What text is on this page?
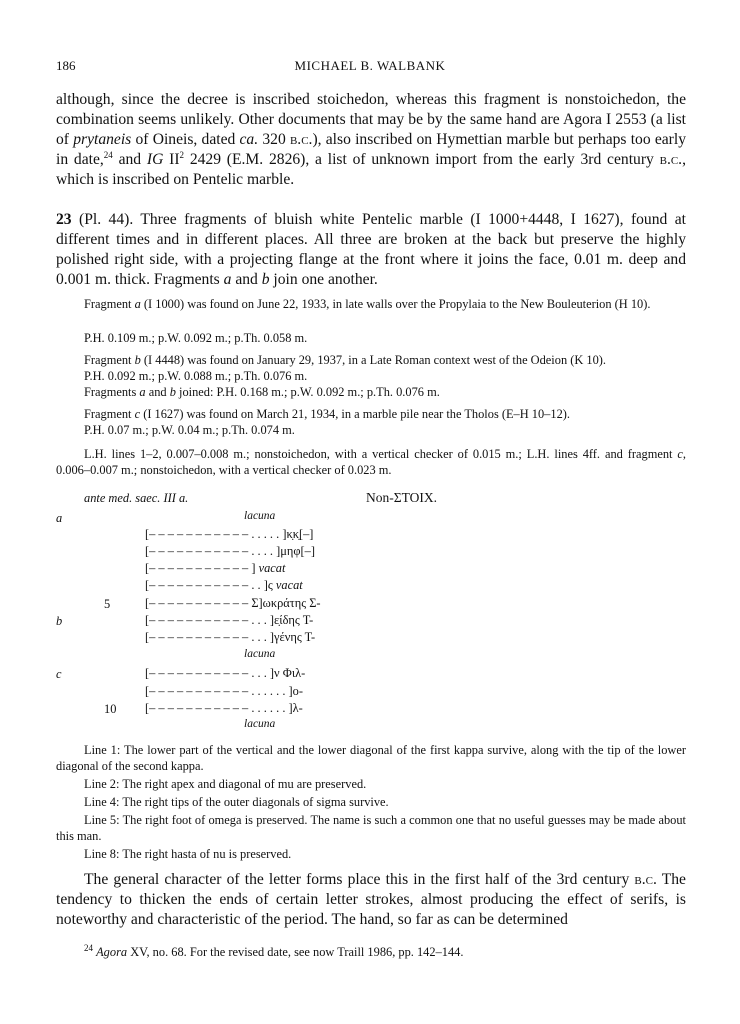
186	MICHAEL B. WALBANK

although, since the decree is inscribed stoichedon, whereas this fragment is nonstoichedon, the combination seems unlikely. Other documents that may be by the same hand are Agora I 2553 (a list of prytaneis of Oineis, dated ca. 320 b.c.), also inscribed on Hymettian marble but perhaps too early in date,$^{24}$ and IG $II^2$ 2429 (E.M. 2826), a list of unknown import from the early 3rd century b.c., which is inscribed on Pentelic marble.

23 (Pl. 44). Three fragments of bluish white Pentelic marble (I 1000+4448, I 1627), found at different times and in different places. All three are broken at the back but preserve the highly polished right side, with a projecting flange at the front where it joins the face, 0.01 m. deep and 0.001 m. thick. Fragments a and b join one another.

Fragment a (I 1000) was found on June 22, 1933, in late walls over the Propylaia to the New Bouleuterion (H 10).

P.H. 0.109 m.; p.W. 0.092 m.; p.Th. 0.058 m.

Fragment b (I 4448) was found on January 29, 1937, in a Late Roman context west of the Odeion (K 10).

P.H. 0.092 m.; p.W. 0.088 m.; p.Th. 0.076 m.

Fragments a and b joined: P.H. 0.168 m.; p.W. 0.092 m.; p.Th. 0.076 m.

Fragment c (I 1627) was found on March 21, 1934, in a marble pile near the Tholos (E–H 10–12).

P.H. 0.07 m.; p.W. 0.04 m.; p.Th. 0.074 m.

L.H. lines 1–2, 0.007–0.008 m.; nonstoichedon, with a vertical checker of 0.015 m.; L.H. lines 4ff. and fragment c, 0.006–0.007 m.; nonstoichedon, with a vertical checker of 0.023 m.

ante med. saec. III a.	Non-ΣΤΟΙΧ.
a	lacuna
[– – – – – – – – – – – . . . . . ]κ̣κ̣[–]
[– – – – – – – – – – – . . . . ]μηφ[–]
[– – – – – – – – – – – ] vacat
[– – – – – – – – – – – . . ]ς vacat
5	[– – – – – – – – – – – Σ]ωκράτης Σ-
b	[– – – – – – – – – – – . . . ]ε̣ίδης Τ-
[– – – – – – – – – – – . . . ]γένης Τ-
lacuna
c	[– – – – – – – – – – – . . . ]ν Φιλ-
[– – – – – – – – – – – . . . . . . ]ο-
10 [– – – – – – – – – – – . . . . . . ]λ-
lacuna

Line 1: The lower part of the vertical and the lower diagonal of the first kappa survive, along with the tip of the lower diagonal of the second kappa.

Line 2: The right apex and diagonal of mu are preserved.

Line 4: The right tips of the outer diagonals of sigma survive.

Line 5: The right foot of omega is preserved. The name is such a common one that no useful guesses may be made about this man.

Line 8: The right hasta of nu is preserved.

The general character of the letter forms place this in the first half of the 3rd century b.c. The tendency to thicken the ends of certain letter strokes, almost producing the effect of serifs, is noteworthy and characteristic of the period. The hand, so far as can be determined

$^{24}$ Agora XV, no. 68. For the revised date, see now Traill 1986, pp. 142–144.
